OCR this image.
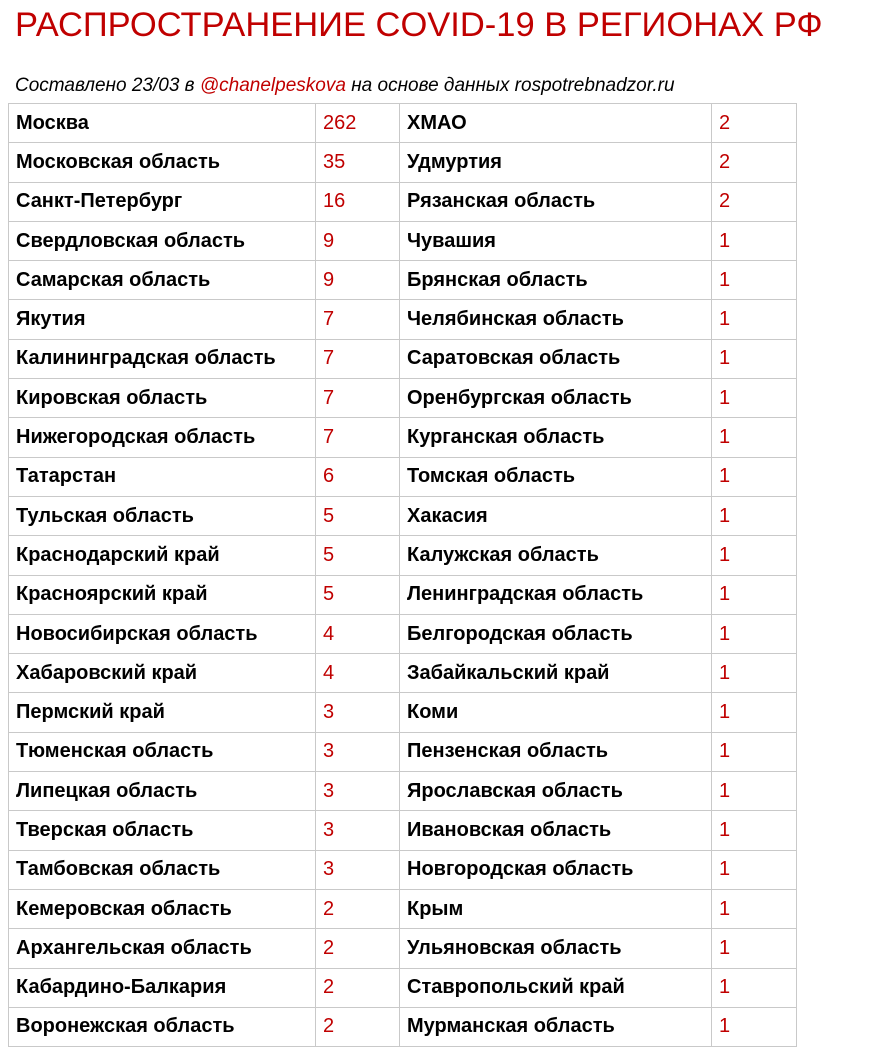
РАСПРОСТРАНЕНИЕ COVID-19 В РЕГИОНАХ РФ
Составлено 23/03 в @chanelpeskova на основе данных rospotrebnadzor.ru
Москва	262	ХМАО	2
Московская область	35	Удмуртия	2
Санкт-Петербург	16	Рязанская область	2
Свердловская область	9	Чувашия	1
Самарская область	9	Брянская область	1
Якутия	7	Челябинская область	1
Калининградская область	7	Саратовская область	1
Кировская область	7	Оренбургская область	1
Нижегородская область	7	Курганская область	1
Татарстан	6	Томская область	1
Тульская область	5	Хакасия	1
Краснодарский край	5	Калужская область	1
Красноярский край	5	Ленинградская область	1
Новосибирская область	4	Белгородская область	1
Хабаровский край	4	Забайкальский край	1
Пермский край	3	Коми	1
Тюменская область	3	Пензенская область	1
Липецкая область	3	Ярославская область	1
Тверская область	3	Ивановская область	1
Тамбовская область	3	Новгородская область	1
Кемеровская область	2	Крым	1
Архангельская область	2	Ульяновская область	1
Кабардино-Балкария	2	Ставропольский край	1
Воронежская область	2	Мурманская область	1
